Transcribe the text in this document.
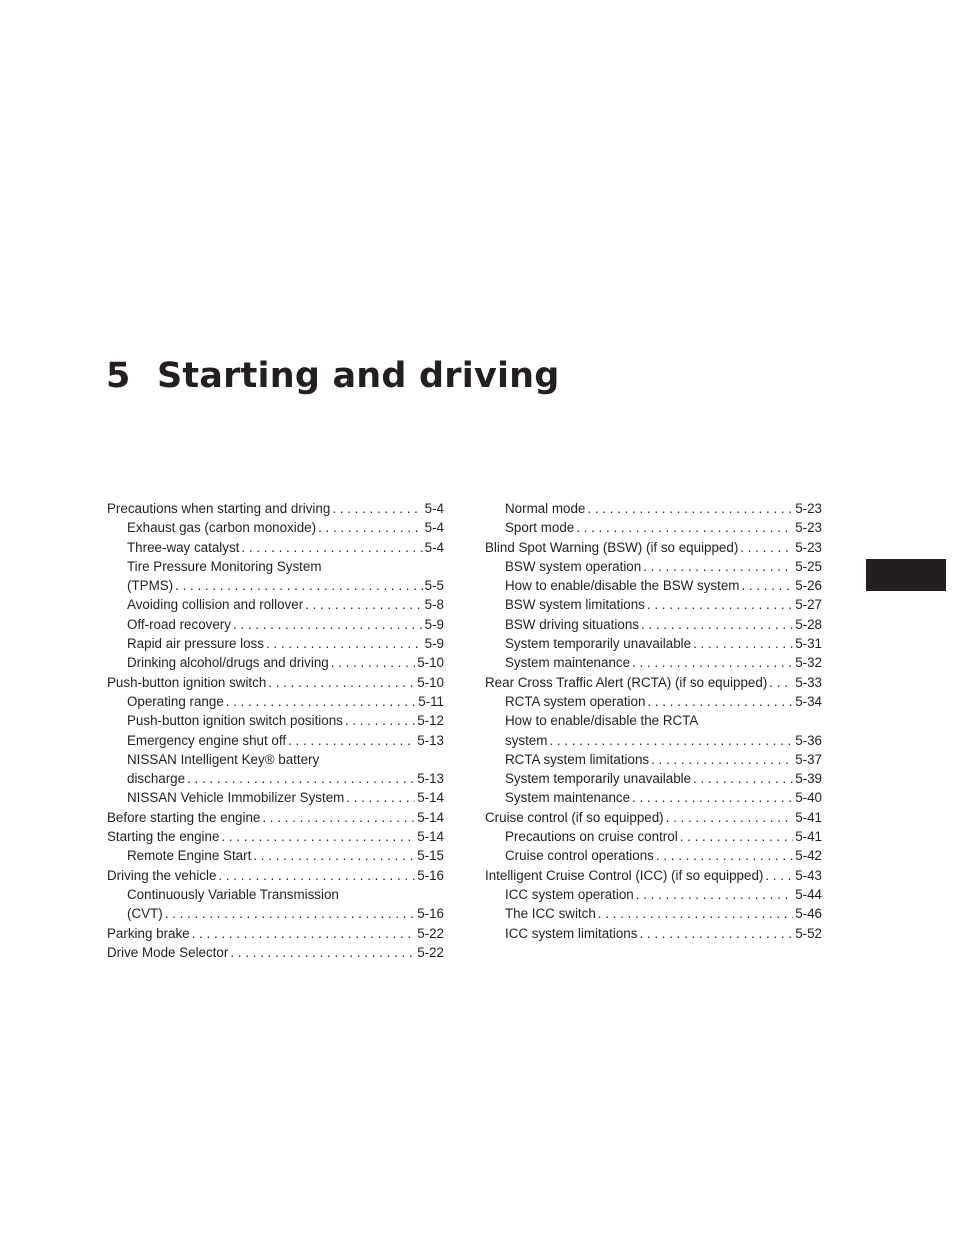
5 Starting and driving
Precautions when starting and driving . . .	5-4
Exhaust gas (carbon monoxide) . . .	5-4
Three-way catalyst . . .	5-4
Tire Pressure Monitoring System
(TPMS) . . .	5-5
Avoiding collision and rollover . . .	5-8
Off-road recovery . . .	5-9
Rapid air pressure loss . . .	5-9
Drinking alcohol/drugs and driving . . .	5-10
Push-button ignition switch . . .	5-10
Operating range . . .	5-11
Push-button ignition switch positions . . .	5-12
Emergency engine shut off . . .	5-13
NISSAN Intelligent Key® battery
discharge . . .	5-13
NISSAN Vehicle Immobilizer System . . .	5-14
Before starting the engine . . .	5-14
Starting the engine . . .	5-14
Remote Engine Start . . .	5-15
Driving the vehicle . . .	5-16
Continuously Variable Transmission
(CVT) . . .	5-16
Parking brake . . .	5-22
Drive Mode Selector . . .	5-22
Normal mode . . .	5-23
Sport mode . . .	5-23
Blind Spot Warning (BSW) (if so equipped) . . .	5-23
BSW system operation . . .	5-25
How to enable/disable the BSW system . . .	5-26
BSW system limitations . . .	5-27
BSW driving situations . . .	5-28
System temporarily unavailable . . .	5-31
System maintenance . . .	5-32
Rear Cross Traffic Alert (RCTA) (if so equipped) . . . 5-33
RCTA system operation . . .	5-34
How to enable/disable the RCTA
system . . .	5-36
RCTA system limitations . . .	5-37
System temporarily unavailable . . .	5-39
System maintenance . . .	5-40
Cruise control (if so equipped) . . .	5-41
Precautions on cruise control . . .	5-41
Cruise control operations . . .	5-42
Intelligent Cruise Control (ICC) (if so equipped) . . . 5-43
ICC system operation . . .	5-44
The ICC switch . . .	5-46
ICC system limitations . . .	5-52
